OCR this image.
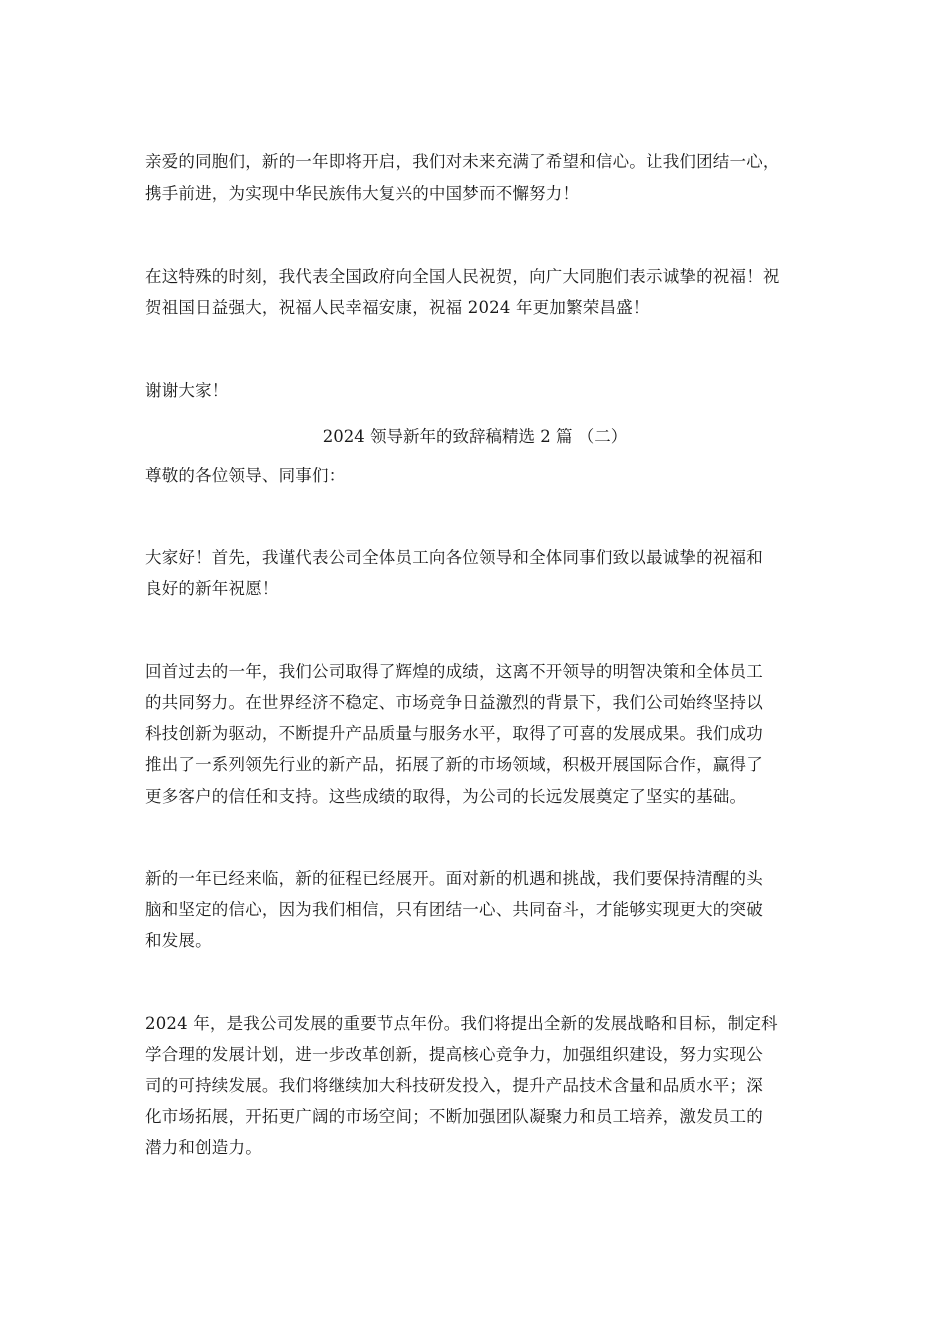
亲爱的同胞们，新的一年即将开启，我们对未来充满了希望和信心。让我们团结一心，
携手前进，为实现中华民族伟大复兴的中国梦而不懈努力！
在这特殊的时刻，我代表全国政府向全国人民祝贺，向广大同胞们表示诚挚的祝福！祝
贺祖国日益强大，祝福人民幸福安康，祝福 2024 年更加繁荣昌盛！
谢谢大家！
2024 领导新年的致辞稿精选 2 篇 （二）
尊敬的各位领导、同事们：
大家好！首先，我谨代表公司全体员工向各位领导和全体同事们致以最诚挚的祝福和
良好的新年祝愿！
回首过去的一年，我们公司取得了辉煌的成绩，这离不开领导的明智决策和全体员工
的共同努力。在世界经济不稳定、市场竞争日益激烈的背景下，我们公司始终坚持以
科技创新为驱动，不断提升产品质量与服务水平，取得了可喜的发展成果。我们成功
推出了一系列领先行业的新产品，拓展了新的市场领域，积极开展国际合作，赢得了
更多客户的信任和支持。这些成绩的取得，为公司的长远发展奠定了坚实的基础。
新的一年已经来临，新的征程已经展开。面对新的机遇和挑战，我们要保持清醒的头
脑和坚定的信心，因为我们相信，只有团结一心、共同奋斗，才能够实现更大的突破
和发展。
2024 年，是我公司发展的重要节点年份。我们将提出全新的发展战略和目标，制定科
学合理的发展计划，进一步改革创新，提高核心竞争力，加强组织建设，努力实现公
司的可持续发展。我们将继续加大科技研发投入，提升产品技术含量和品质水平；深
化市场拓展，开拓更广阔的市场空间；不断加强团队凝聚力和员工培养，激发员工的
潜力和创造力。
